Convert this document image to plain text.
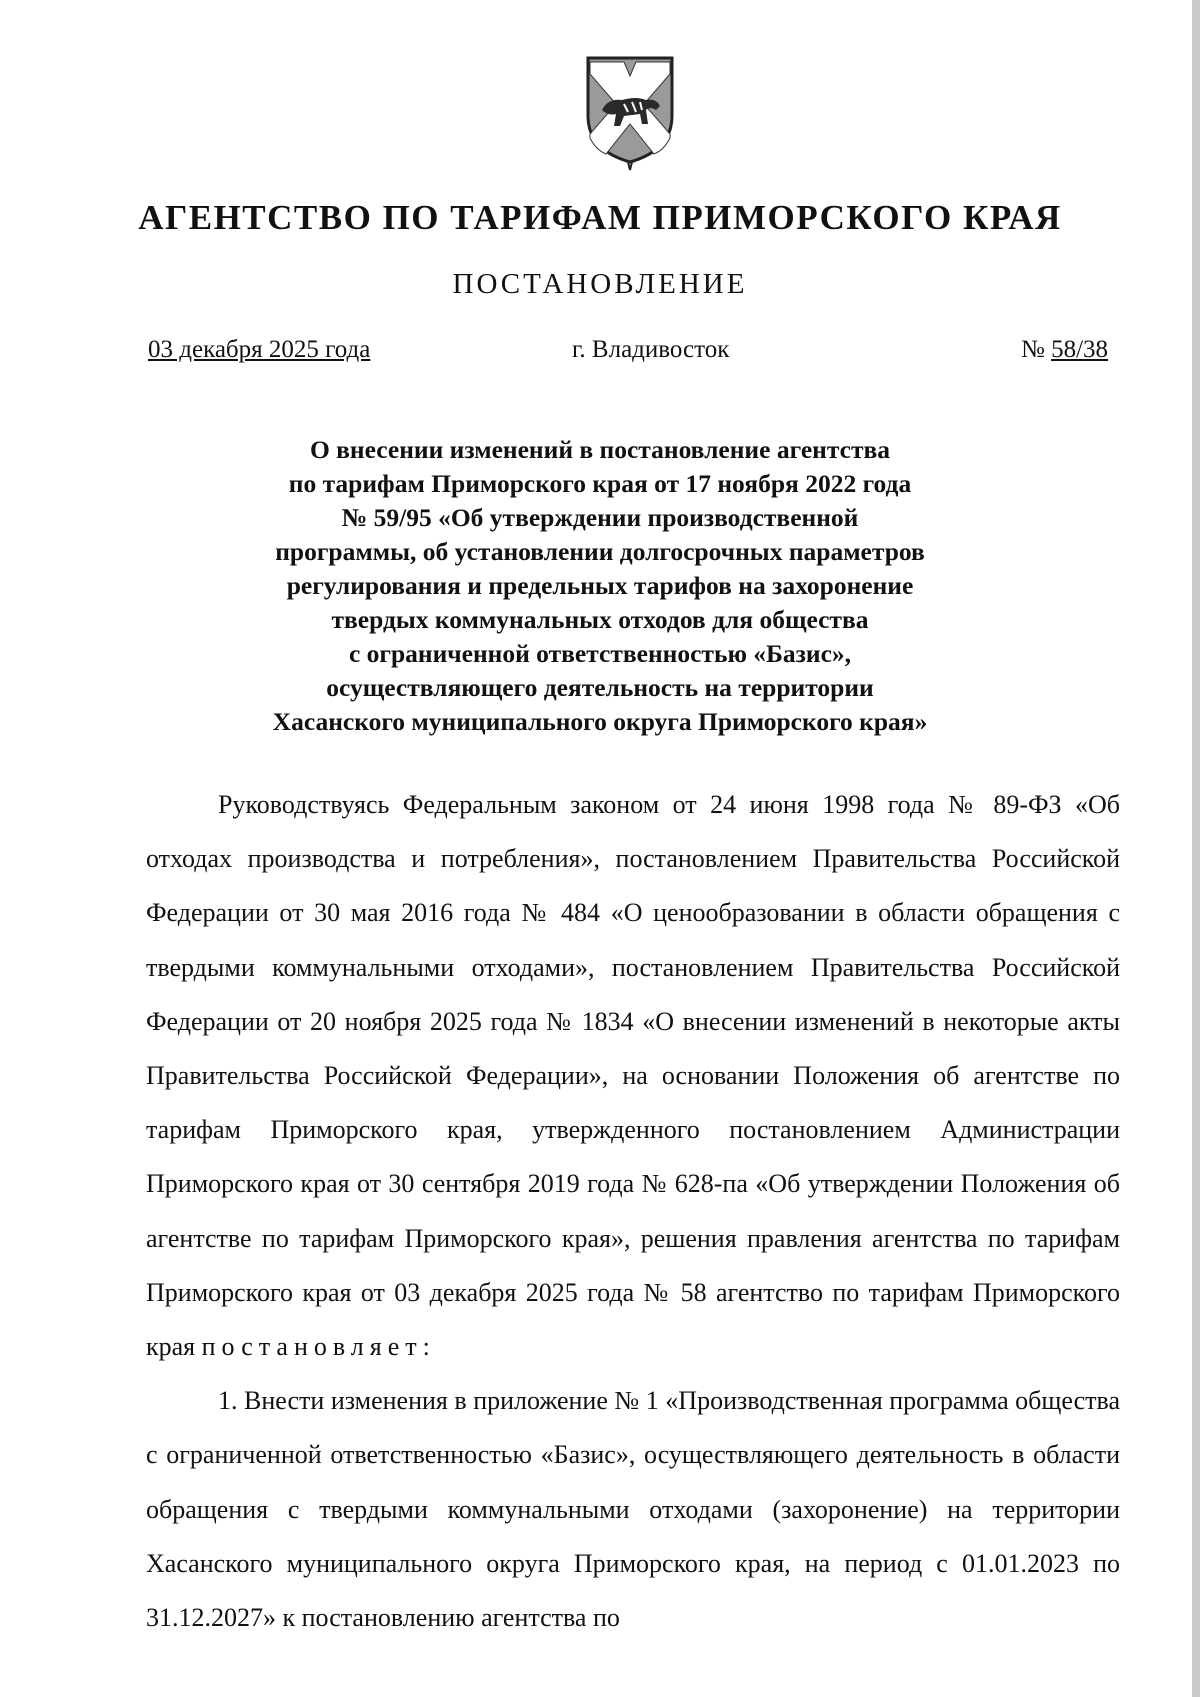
АГЕНТСТВО ПО ТАРИФАМ ПРИМОРСКОГО КРАЯ
ПОСТАНОВЛЕНИЕ
03 декабря 2025 года	г. Владивосток	№ 58/38
О внесении изменений в постановление агентства
по тарифам Приморского края от 17 ноября 2022 года
№ 59/95 «Об утверждении производственной
программы, об установлении долгосрочных параметров
регулирования и предельных тарифов на захоронение
твердых коммунальных отходов для общества
с ограниченной ответственностью «Базис»,
осуществляющего деятельность на территории
Хасанского муниципального округа Приморского края»

Руководствуясь Федеральным законом от 24 июня 1998 года № 89-ФЗ «Об отходах производства и потребления», постановлением Правительства Российской Федерации от 30 мая 2016 года № 484 «О ценообразовании в области обращения с твердыми коммунальными отходами», постановлением Правительства Российской Федерации от 20 ноября 2025 года № 1834 «О внесении изменений в некоторые акты Правительства Российской Федерации», на основании Положения об агентстве по тарифам Приморского края, утвержденного постановлением Администрации Приморского края от 30 сентября 2019 года № 628-па «Об утверждении Положения об агентстве по тарифам Приморского края», решения правления агентства по тарифам Приморского края от 03 декабря 2025 года № 58 агентство по тарифам Приморского края постановляет:

1. Внести изменения в приложение № 1 «Производственная программа общества с ограниченной ответственностью «Базис», осуществляющего деятельность в области обращения с твердыми коммунальными отходами (захоронение) на территории Хасанского муниципального округа Приморского края, на период с 01.01.2023 по 31.12.2027» к постановлению агентства по
